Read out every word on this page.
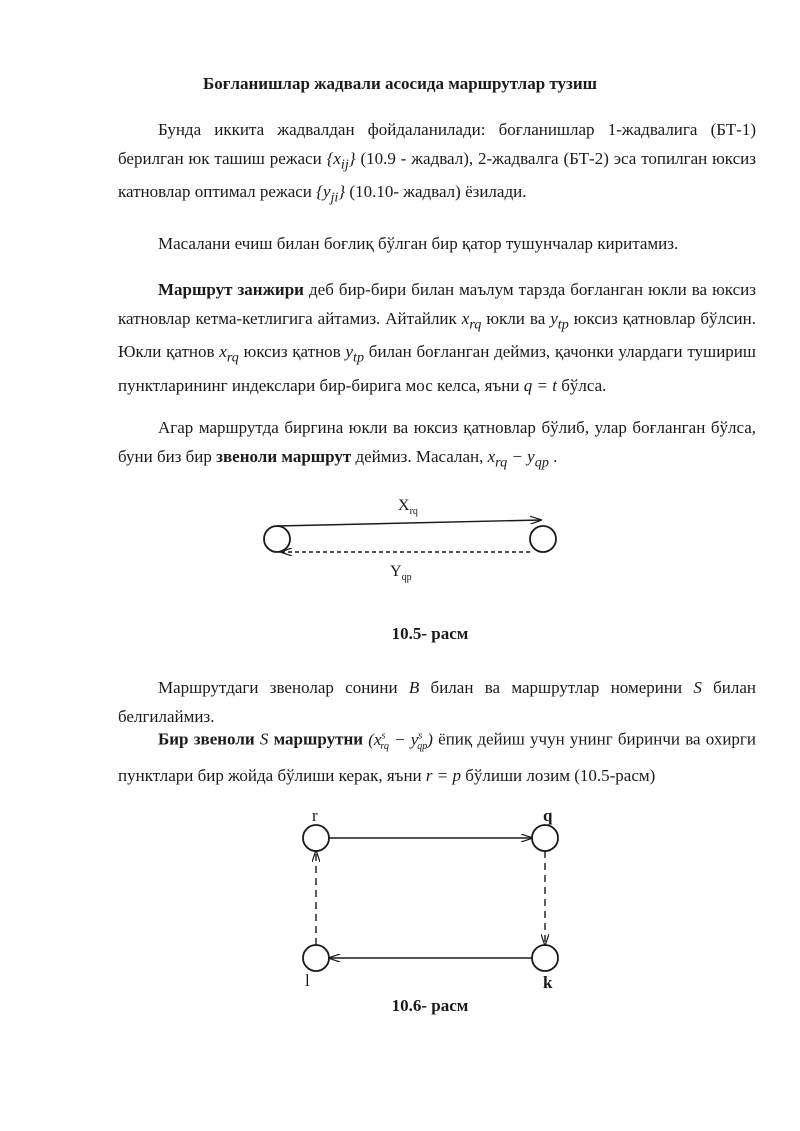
Боғланишлар жадвали асосида маршрутлар тузиш

Бунда иккита жадвалдан фойдаланилади: боғланишлар 1-жадвалига (БТ-1) берилган юк ташиш режаси $\{x_{ij}\}$ (10.9 - жадвал), 2-жадвалга (БТ-2) эса топилган юксиз катновлар оптимал режаси $\{y_{ji}\}$ (10.10- жадвал) ёзилади.

Масалани ечиш билан боғлиқ бўлган бир қатор тушунчалар киритамиз.

Маршрут занжири деб бир-бири билан маълум тарзда боғланган юкли ва юксиз катновлар кетма-кетлигига айтамиз. Айтайлик $x_{rq}$ юкли ва $y_{tp}$ юксиз қатновлар бўлсин. Юкли қатнов $x_{rq}$ юксиз қатнов $y_{tp}$ билан боғланган деймиз, қачонки улардаги тушириш пунктларининг индекслари бир-бирига мос келса, яъни q = t бўлса.

Агар маршрутда биргина юкли ва юксиз қатновлар бўлиб, улар боғланган бўлса, буни биз бир звеноли маршрут деймиз. Масалан, $x_{rq} - y_{qp}$ .

$X_{rq}$
$Y_{qp}$
10.5- расм

Маршрутдаги звенолар сонини B билан ва маршрутлар номерини S билан белгилаймиз.

Бир звеноли S маршрутни $(x^s_{rq} - y^s_{qp})$ ёпиқ дейиш учун унинг биринчи ва охирги пунктлари бир жойда бўлиши керак, яъни r = p бўлиши лозим (10.5-расм)

r	q
k
l
10.6- расм
